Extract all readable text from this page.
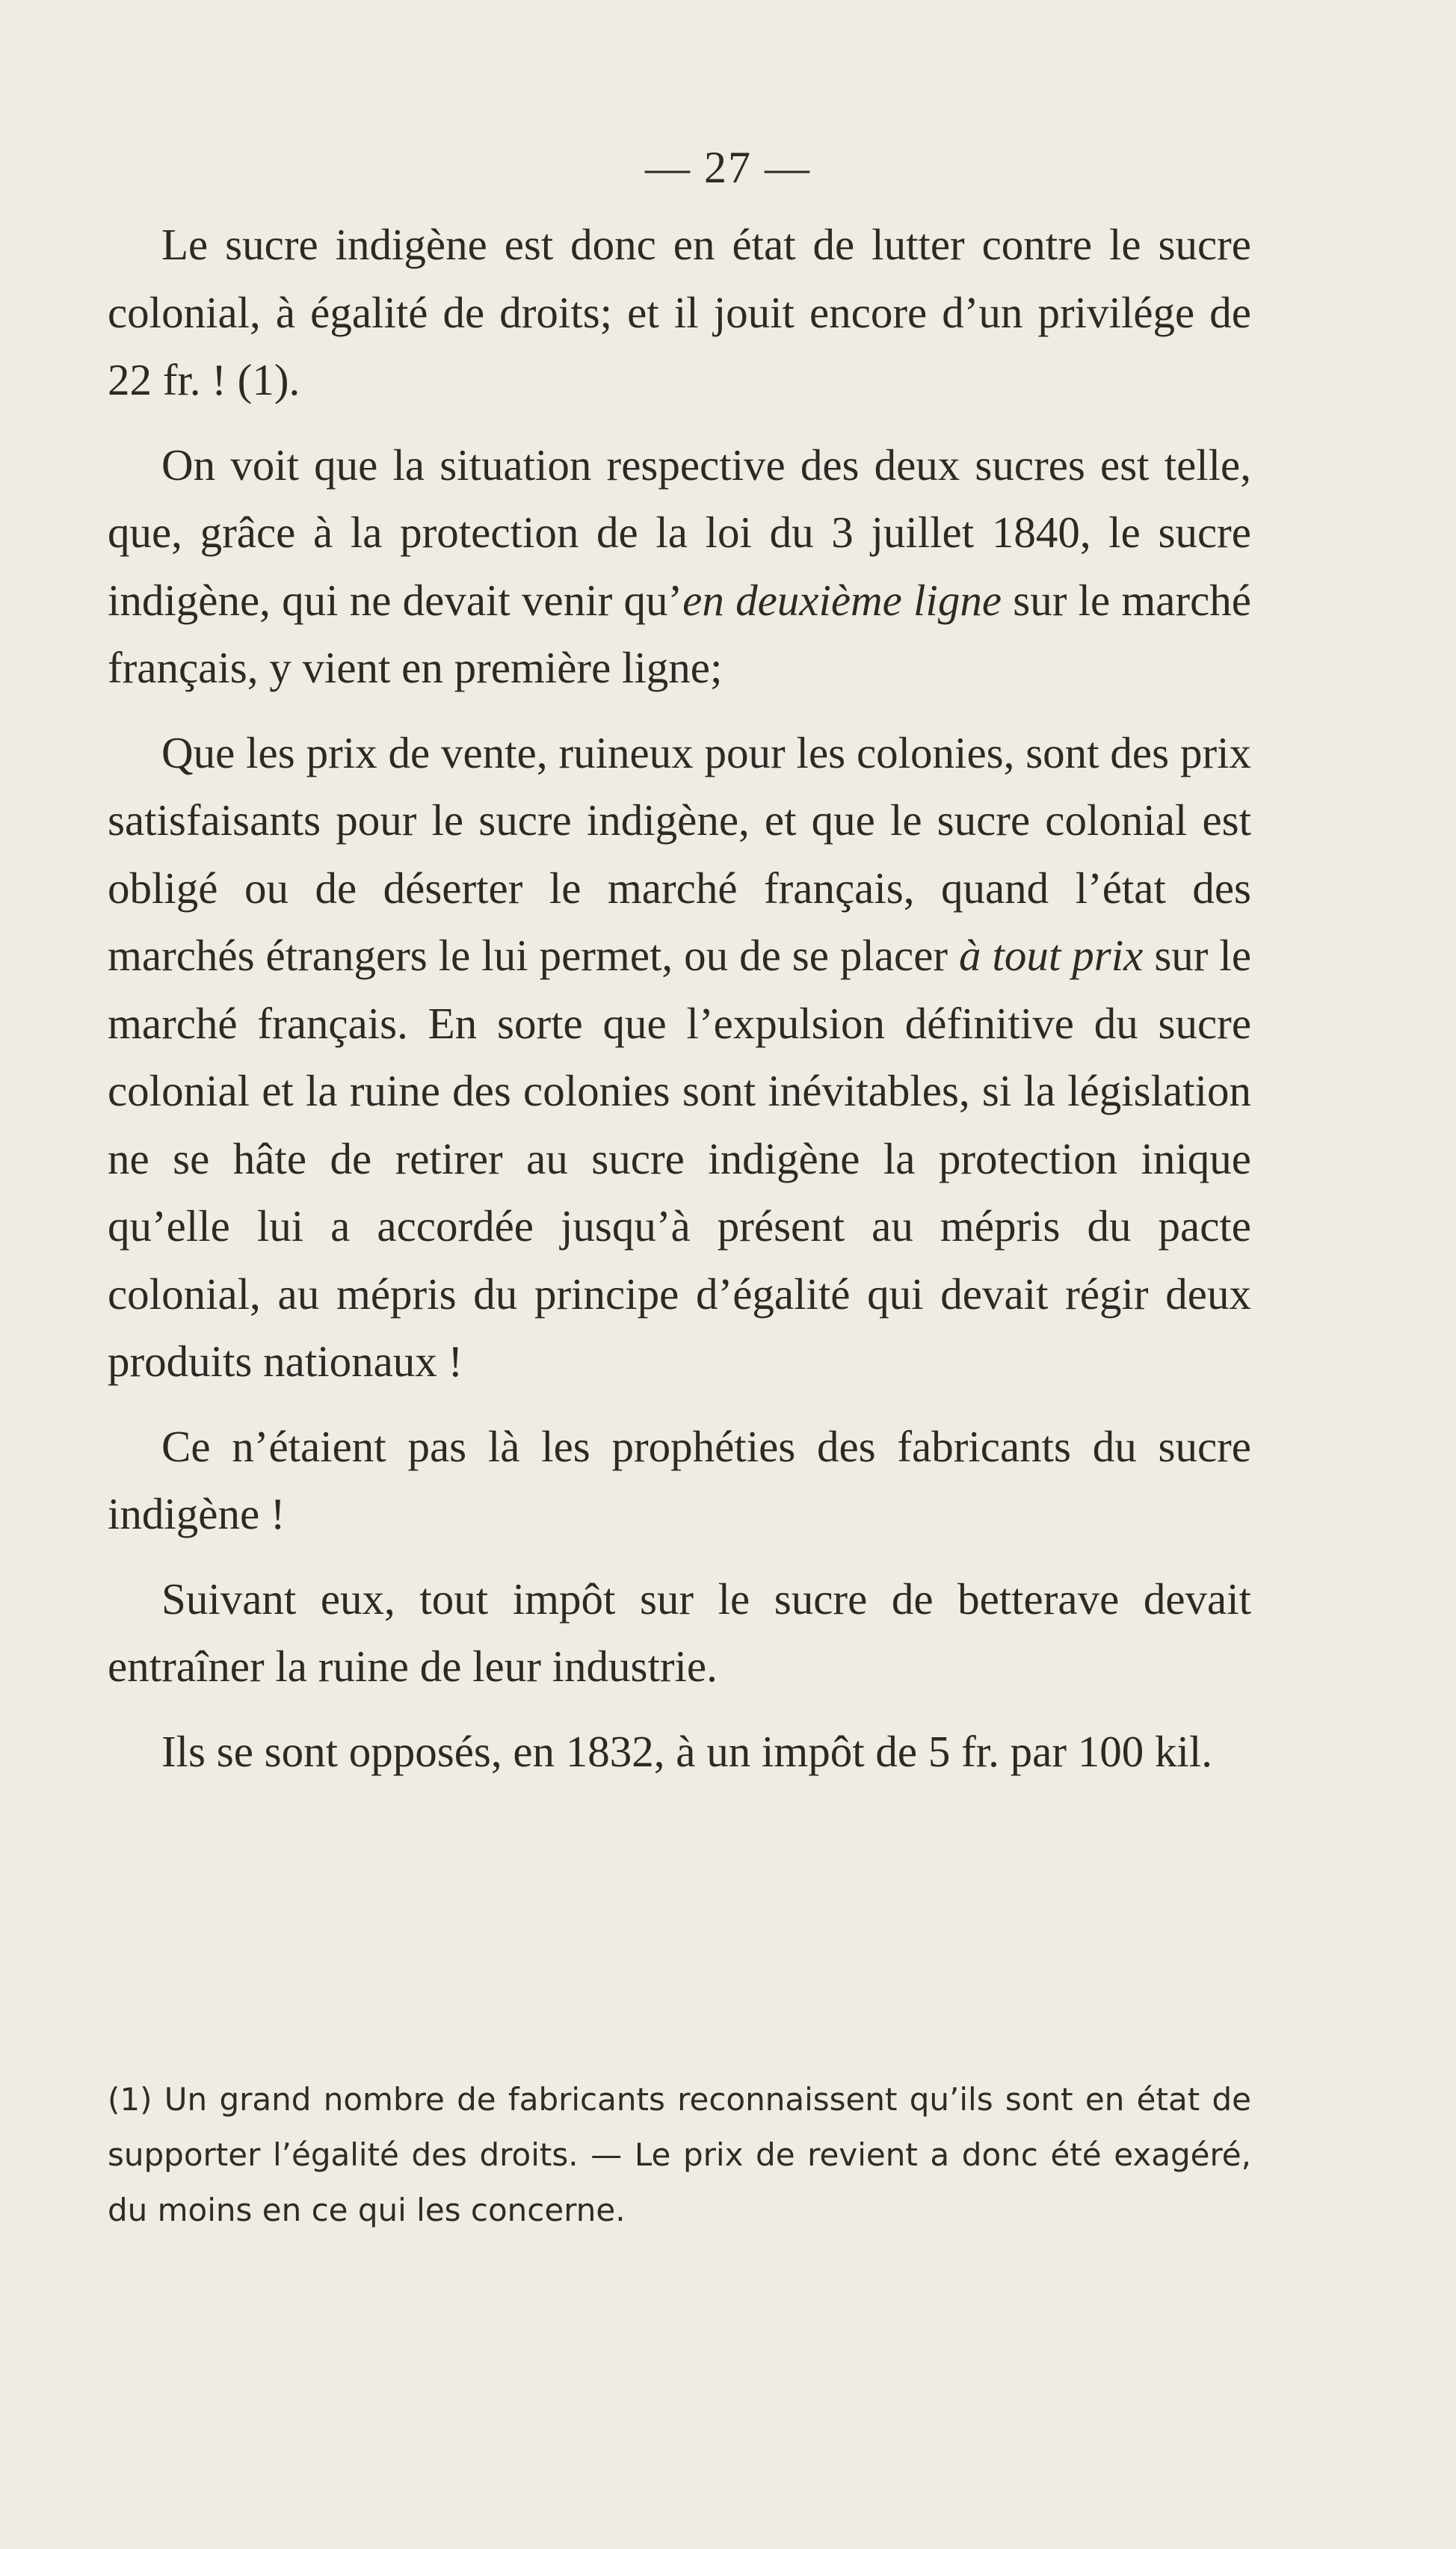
— 27 —

Le sucre indigène est donc en état de lutter contre le sucre colonial, à égalité de droits; et il jouit encore d’un privilége de 22 fr. ! (1).

On voit que la situation respective des deux sucres est telle, que, grâce à la protection de la loi du 3 juillet 1840, le sucre indigène, qui ne devait venir qu’en deuxième ligne sur le marché français, y vient en première ligne;

Que les prix de vente, ruineux pour les colonies, sont des prix satisfaisants pour le sucre indigène, et que le sucre colonial est obligé ou de déserter le marché français, quand l’état des marchés étrangers le lui permet, ou de se placer à tout prix sur le marché français. En sorte que l’expulsion définitive du sucre colonial et la ruine des colonies sont inévitables, si la législation ne se hâte de retirer au sucre indigène la protection inique qu’elle lui a accordée jusqu’à présent au mépris du pacte colonial, au mépris du principe d’égalité qui devait régir deux produits nationaux !

Ce n’étaient pas là les prophéties des fabricants du sucre indigène !

Suivant eux, tout impôt sur le sucre de betterave devait entraîner la ruine de leur industrie.

Ils se sont opposés, en 1832, à un impôt de 5 fr. par 100 kil.

(1) Un grand nombre de fabricants reconnaissent qu’ils sont en état de supporter l’égalité des droits. — Le prix de revient a donc été exagéré, du moins en ce qui les concerne.
